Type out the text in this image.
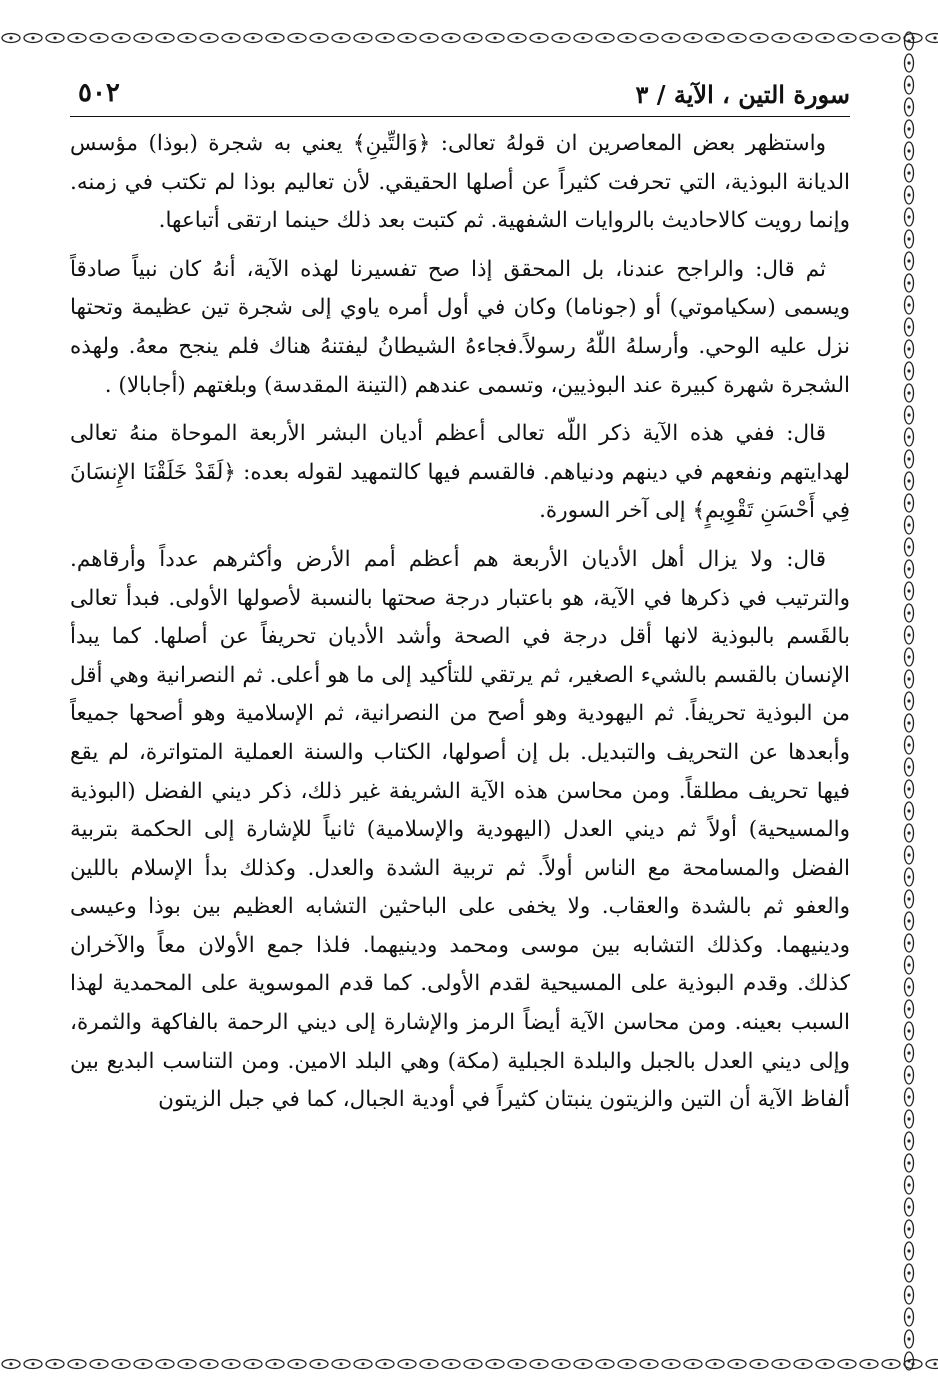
سورة التين ، الآية / ٣
٥٠٢
واستظهر بعض المعاصرين ان قولهُ تعالى: ﴿وَالتِّينِ﴾ يعني به شجرة (بوذا) مؤسس الديانة البوذية، التي تحرفت كثيراً عن أصلها الحقيقي. لأن تعاليم بوذا لم تكتب في زمنه. وإنما رويت كالاحاديث بالروايات الشفهية. ثم كتبت بعد ذلك حينما ارتقى أتباعها.
ثم قال: والراجح عندنا، بل المحقق إذا صح تفسيرنا لهذه الآية، أنهُ كان نبياً صادقاً ويسمى (سكياموتي) أو (جوناما) وكان في أول أمره ياوي إلى شجرة تين عظيمة وتحتها نزل عليه الوحي. وأرسلهُ اللّهُ رسولاً.فجاءهُ الشيطانُ ليفتنهُ هناك فلم ينجح معهُ. ولهذه الشجرة شهرة كبيرة عند البوذيين، وتسمى عندهم (التينة المقدسة) وبلغتهم (أجابالا) .
قال: ففي هذه الآية ذكر اللّه تعالى أعظم أديان البشر الأربعة الموحاة منهُ تعالى لهدايتهم ونفعهم في دينهم ودنياهم. فالقسم فيها كالتمهيد لقوله بعده: ﴿لَقَدْ خَلَقْنَا الإِنسَانَ فِي أَحْسَنِ تَقْوِيمٍ﴾ إلى آخر السورة.
قال: ولا يزال أهل الأديان الأربعة هم أعظم أمم الأرض وأكثرهم عدداً وأرقاهم. والترتيب في ذكرها في الآية، هو باعتبار درجة صحتها بالنسبة لأصولها الأولى. فبدأ تعالى بالقَسم بالبوذية لانها أقل درجة في الصحة وأشد الأديان تحريفاً عن أصلها. كما يبدأ الإنسان بالقسم بالشيء الصغير، ثم يرتقي للتأكيد إلى ما هو أعلى. ثم النصرانية وهي أقل من البوذية تحريفاً. ثم اليهودية وهو أصح من النصرانية، ثم الإسلامية وهو أصحها جميعاً وأبعدها عن التحريف والتبديل. بل إن أصولها، الكتاب والسنة العملية المتواترة، لم يقع فيها تحريف مطلقاً. ومن محاسن هذه الآية الشريفة غير ذلك، ذكر ديني الفضل (البوذية والمسيحية) أولاً ثم ديني العدل (اليهودية والإسلامية) ثانياً للإشارة إلى الحكمة بتربية الفضل والمسامحة مع الناس أولاً. ثم تربية الشدة والعدل. وكذلك بدأ الإسلام باللين والعفو ثم بالشدة والعقاب. ولا يخفى على الباحثين التشابه العظيم بين بوذا وعيسى ودينيهما. وكذلك التشابه بين موسى ومحمد ودينيهما. فلذا جمع الأولان معاً والآخران كذلك. وقدم البوذية على المسيحية لقدم الأولى. كما قدم الموسوية على المحمدية لهذا السبب بعينه. ومن محاسن الآية أيضاً الرمز والإشارة إلى ديني الرحمة بالفاكهة والثمرة، وإلى ديني العدل بالجبل والبلدة الجبلية (مكة) وهي البلد الامين. ومن التناسب البديع بين ألفاظ الآية أن التين والزيتون ينبتان كثيراً في أودية الجبال، كما في جبل الزيتون
